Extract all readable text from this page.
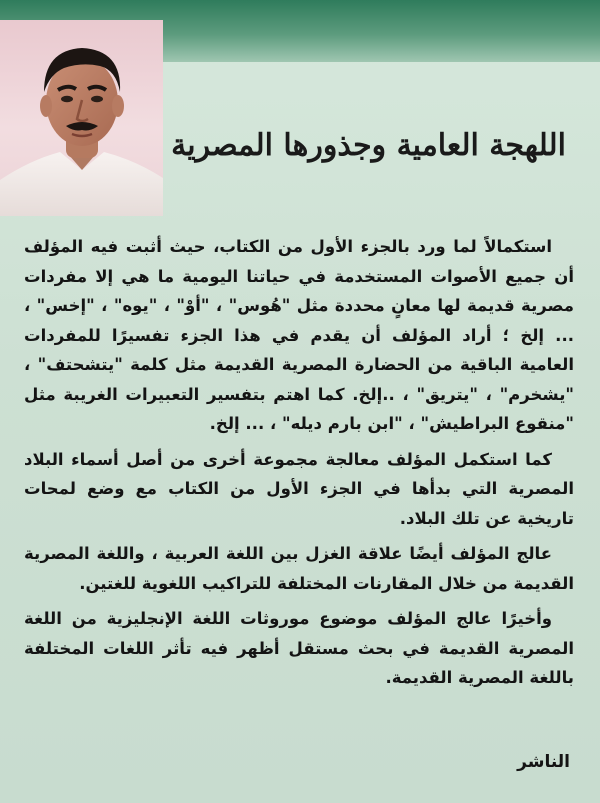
اللهجة العامية وجذورها المصرية

استكمالاً لما ورد بالجزء الأول من الكتاب، حيث أثبت فيه المؤلف أن جميع الأصوات المستخدمة في حياتنا اليومية ما هي إلا مفردات مصرية قديمة لها معانٍ محددة مثل "هُوس" ، "أوْ" ، "يوه" ، "إخس" ، ... إلخ ؛ أراد المؤلف أن يقدم في هذا الجزء تفسيرًا للمفردات العامية الباقية من الحضارة المصرية القديمة مثل كلمة "يتشحتف" ، "يشخرم" ، "يتريق" ، ..إلخ. كما اهتم بتفسير التعبيرات الغريبة مثل "منقوع البراطيش" ، "ابن بارم ديله" ، ... إلخ.

كما استكمل المؤلف معالجة مجموعة أخرى من أصل أسماء البلاد المصرية التي بدأها في الجزء الأول من الكتاب مع وضع لمحات تاريخية عن تلك البلاد.

عالج المؤلف أيضًا علاقة الغزل بين اللغة العربية ، واللغة المصرية القديمة من خلال المقارنات المختلفة للتراكيب اللغوية للغتين.

وأخيرًا عالج المؤلف موضوع موروثات اللغة الإنجليزية من اللغة المصرية القديمة في بحث مستقل أظهر فيه تأثر اللغات المختلفة باللغة المصرية القديمة.

الناشر
